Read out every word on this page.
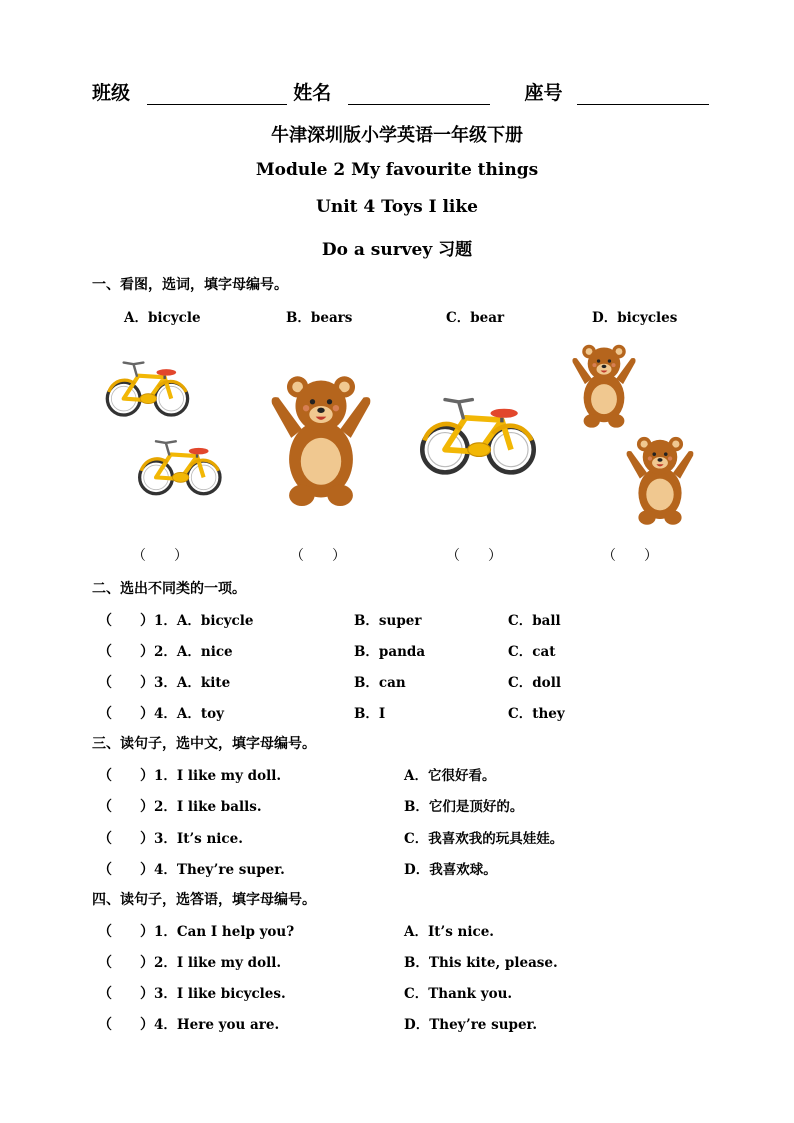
班级	姓名	座号
牛津深圳版小学英语一年级下册
Module 2 My favourite things
Unit 4 Toys I like
Do a survey 习题
一、看图，选词，填字母编号。
A．bicycle	B．bears	C．bear	D．bicycles
（　　）	（　　）	（　　）	（　　）
二、选出不同类的一项。
（　　）1．A．bicycle	B．super	C．ball
（　　）2．A．nice	B．panda	C．cat
（　　）3．A．kite	B．can	C．doll
（　　）4．A．toy	B．I	C．they
三、读句子，选中文，填字母编号。
（　　）1．I like my doll.	A．它很好看。
（　　）2．I like balls.	B．它们是顶好的。
（　　）3．It’s nice.	C．我喜欢我的玩具娃娃。
（　　）4．They’re super.	D．我喜欢球。
四、读句子，选答语，填字母编号。
（　　）1．Can I help you?	A．It’s nice.
（　　）2．I like my doll.	B．This kite, please.
（　　）3．I like bicycles.	C．Thank you.
（　　）4．Here you are.	D．They’re super.
